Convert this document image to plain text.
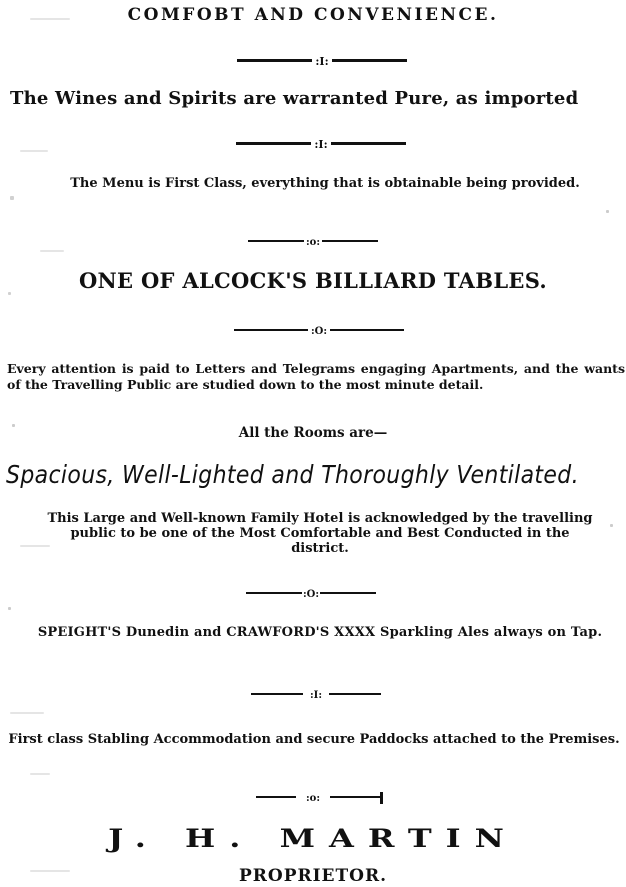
COMFOBT AND CONVENIENCE.
:I:
The Wines and Spirits are warranted Pure, as imported
:I:
The Menu is First Class, everything that is obtainable being provided.
:o:
ONE OF ALCOCK'S BILLIARD TABLES.
:O:
Every attention is paid to Letters and Telegrams engaging Apartments, and the wants of the Travelling Public are studied down to the most minute detail.
All the Rooms are—
Spacious, Well-Lighted and Thoroughly Ventilated.
This Large and Well-known Family Hotel is acknowledged by the travelling public to be one of the Most Comfortable and Best Conducted in the district.
:O:
SPEIGHT'S Dunedin and CRAWFORD'S XXXX Sparkling Ales always on Tap.
:I:
First class Stabling Accommodation and secure Paddocks attached to the Premises.
:o:
J. H. MARTIN
PROPRIETOR.
